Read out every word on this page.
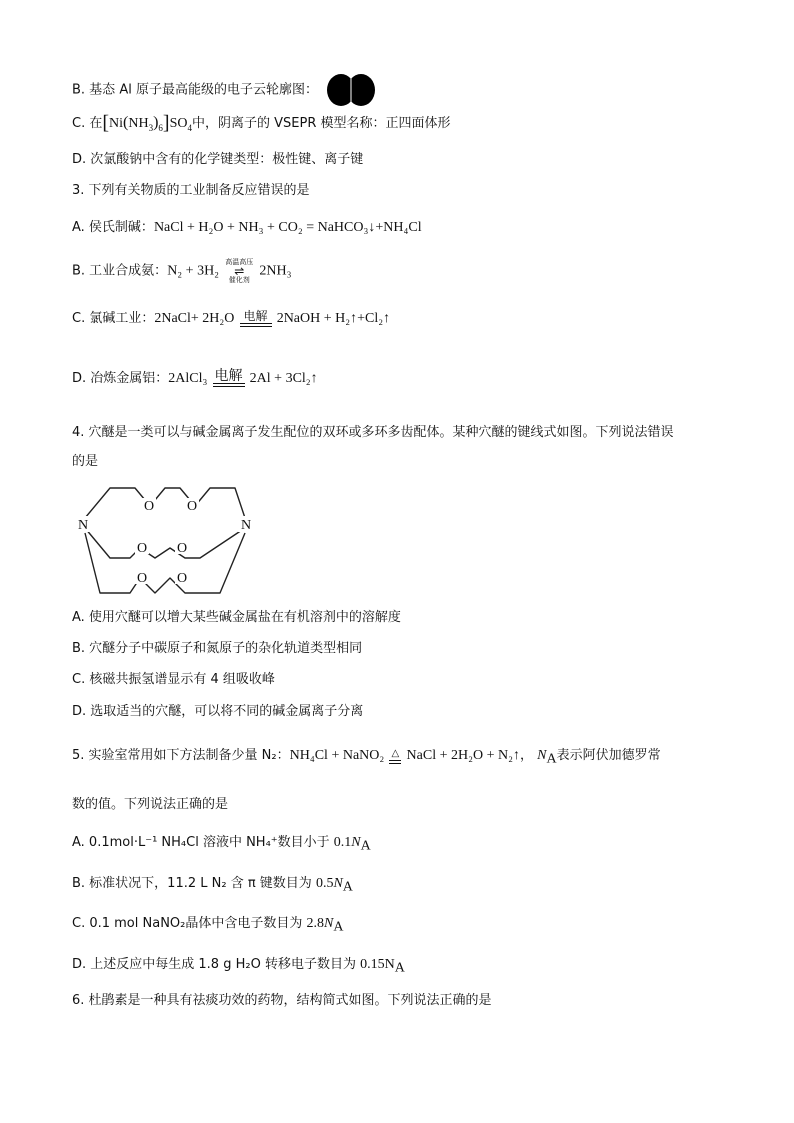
B. 基态 Al 原子最高能级的电子云轮廓图：
C. 在$[Ni(NH_3)_6]SO_4$中，阴离子的 VSEPR 模型名称：正四面体形
D. 次氯酸钠中含有的化学键类型：极性键、离子键
3. 下列有关物质的工业制备反应错误的是
A. 侯氏制碱：NaCl + H₂O + NH₃ + CO₂ = NaHCO₃↓+NH₄Cl
B. 工业合成氨：N₂ + 3H₂
高温高压
⇌
催化剂
2NH₃
C. 氯碱工业：2NaCl+ 2H₂O 电解 2NaOH + H₂↑+Cl₂↑
D. 冶炼金属铝：2AlCl₃ 电解 2Al + 3Cl₂↑
4. 穴醚是一类可以与碱金属离子发生配位的双环或多环多齿配体。某种穴醚的键线式如图。下列说法错误
的是
N	N
O O
O O
O O
A. 使用穴醚可以增大某些碱金属盐在有机溶剂中的溶解度
B. 穴醚分子中碳原子和氮原子的杂化轨道类型相同
C. 核磁共振氢谱显示有 4 组吸收峰
D. 选取适当的穴醚，可以将不同的碱金属离子分离
5. 实验室常用如下方法制备少量 N₂：NH₄Cl + NaNO₂ △ NaCl + 2H₂O + N₂↑， $N_A$表示阿伏加德罗常
数的值。下列说法正确的是
A. 0.1mol·L⁻¹ NH₄Cl 溶液中 NH₄⁺数目小于 $0.1N_A$
B. 标准状况下，11.2 L N₂ 含 π 键数目为 $0.5N_A$
C. 0.1 mol NaNO₂晶体中含电子数目为 $2.8N_A$
D. 上述反应中每生成 1.8 g H₂O 转移电子数目为 $0.15N_A$
6. 杜鹃素是一种具有祛痰功效的药物，结构简式如图。下列说法正确的是
